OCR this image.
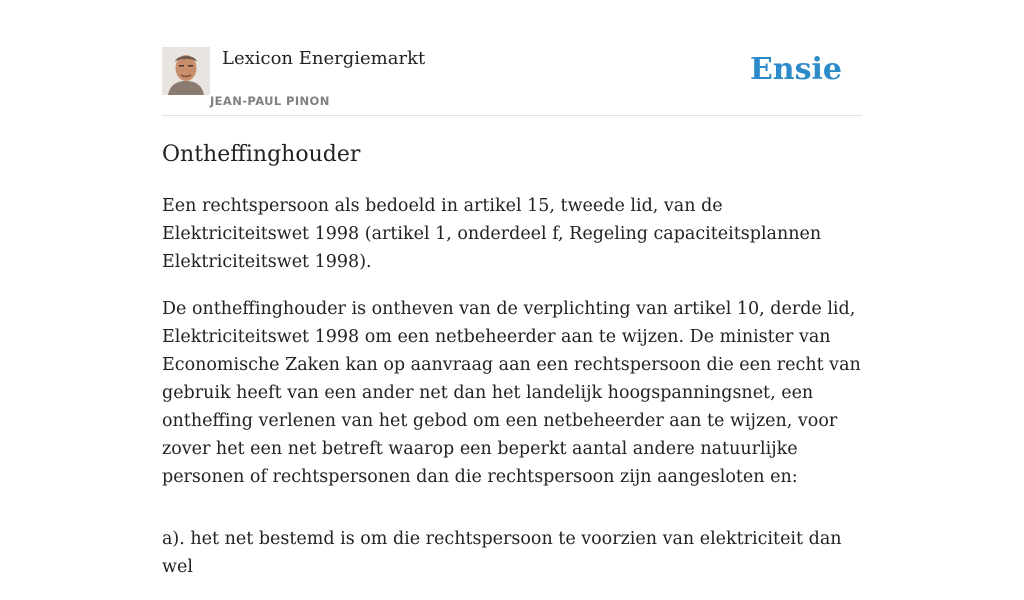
Lexicon Energiemarkt
JEAN-PAUL PINON
Ensie
Ontheffinghouder

Een rechtspersoon als bedoeld in artikel 15, tweede lid, van de Elektriciteitswet 1998 (artikel 1, onderdeel f, Regeling capaciteitsplannen Elektriciteitswet 1998).

De ontheffinghouder is ontheven van de verplichting van artikel 10, derde lid, Elektriciteitswet 1998 om een netbeheerder aan te wijzen. De minister van Economische Zaken kan op aanvraag aan een rechtspersoon die een recht van gebruik heeft van een ander net dan het landelijk hoogspanningsnet, een ontheffing verlenen van het gebod om een netbeheerder aan te wijzen, voor zover het een net betreft waarop een beperkt aantal andere natuurlijke personen of rechtspersonen dan die rechtspersoon zijn aangesloten en:

a). het net bestemd is om die rechtspersoon te voorzien van elektriciteit dan wel
